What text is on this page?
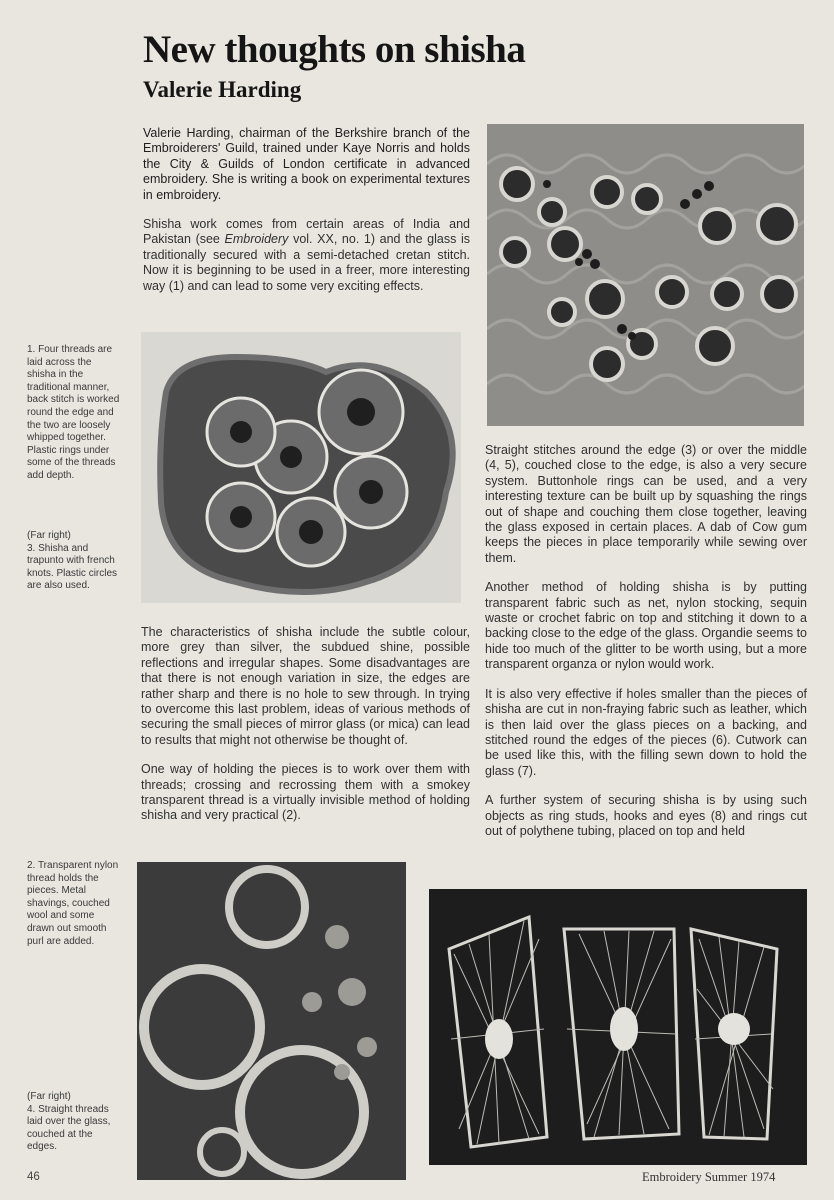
New thoughts on shisha
Valerie Harding

Valerie Harding, chairman of the Berkshire branch of the Embroiderers' Guild, trained under Kaye Norris and holds the City & Guilds of London certificate in advanced embroidery. She is writing a book on experimental textures in embroidery.

Shisha work comes from certain areas of India and Pakistan (see Embroidery vol. XX, no. 1) and the glass is traditionally secured with a semi-detached cretan stitch. Now it is beginning to be used in a freer, more interesting way (1) and can lead to some very exciting effects.

The characteristics of shisha include the subtle colour, more grey than silver, the subdued shine, possible reflections and irregular shapes. Some disadvantages are that there is not enough variation in size, the edges are rather sharp and there is no hole to sew through. In trying to overcome this last problem, ideas of various methods of securing the small pieces of mirror glass (or mica) can lead to results that might not otherwise be thought of.

One way of holding the pieces is to work over them with threads; crossing and recrossing them with a smokey transparent thread is a virtually invisible method of holding shisha and very practical (2).

Straight stitches around the edge (3) or over the middle (4, 5), couched close to the edge, is also a very secure system. Buttonhole rings can be used, and a very interesting texture can be built up by squashing the rings out of shape and couching them close together, leaving the glass exposed in certain places. A dab of Cow gum keeps the pieces in place temporarily while sewing over them.

Another method of holding shisha is by putting transparent fabric such as net, nylon stocking, sequin waste or crochet fabric on top and stitching it down to a backing close to the edge of the glass. Organdie seems to hide too much of the glitter to be worth using, but a more transparent organza or nylon would work.

It is also very effective if holes smaller than the pieces of shisha are cut in non-fraying fabric such as leather, which is then laid over the glass pieces on a backing, and stitched round the edges of the pieces (6). Cutwork can be used like this, with the filling sewn down to hold the glass (7).

A further system of securing shisha is by using such objects as ring studs, hooks and eyes (8) and rings cut out of polythene tubing, placed on top and held

1. Four threads are laid across the shisha in the traditional manner, back stitch is worked round the edge and the two are loosely whipped together. Plastic rings under some of the threads add depth.

(Far right)

3. Shisha and trapunto with french knots. Plastic circles are also used.

2. Transparent nylon thread holds the pieces. Metal shavings, couched wool and some drawn out smooth purl are added.

(Far right)

4. Straight threads laid over the glass, couched at the edges.

46	Embroidery Summer 1974
